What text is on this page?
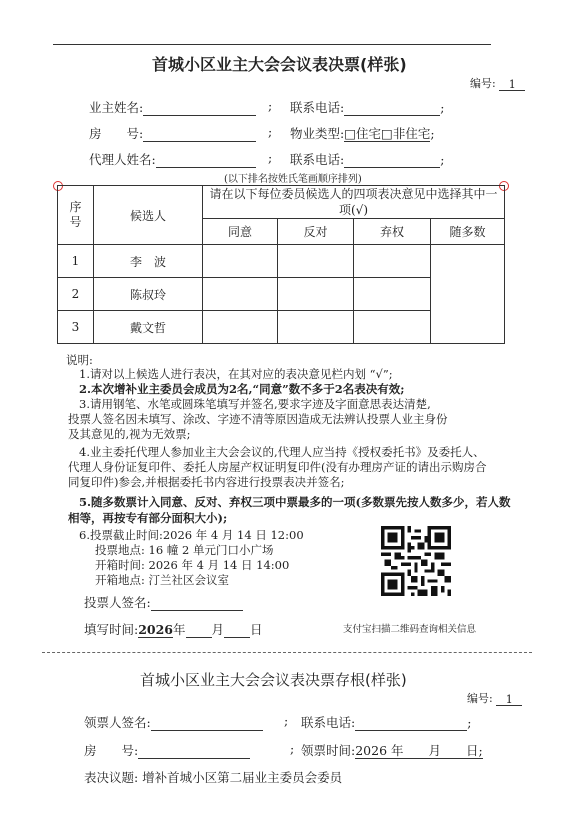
首城小区业主大会会议表决票(样张)
编号: 1
业主姓名:	; 联系电话:	;
房　　号:	; 物业类型:□住宅□非住宅;
代理人姓名:	; 联系电话:	;
(以下排名按姓氏笔画顺序排列)
序号	候选人	请在以下每位委员候选人的四项表决意见中选择其中一项(√)			
		同意	反对	弃权	随多数
1	李　波				
2	陈叔玲				
3	戴文哲				
说明:
1.请对以上候选人进行表决，在其对应的表决意见栏内划 “√”;
2.本次增补业主委员会成员为2名,“同意”数不多于2名表决有效;
3.请用钢笔、水笔或圆珠笔填写并签名,要求字迹及字面意思表达清楚,
投票人签名因未填写、涂改、字迹不清等原因造成无法辨认投票人业主身份
及其意见的,视为无效票;
4.业主委托代理人参加业主大会会议的,代理人应当持《授权委托书》及委托人、
代理人身份证复印件、委托人房屋产权证明复印件(没有办理房产证的请出示购房合
同复印件)参会,并根据委托书内容进行投票表决并签名;
5.随多数票计入同意、反对、弃权三项中票最多的一项(多数票先按人数多少，若人数
相等，再按专有部分面积大小);
6.投票截止时间:2026 年 4 月 14 日 12:00
投票地点: 16 幢 2 单元门口小广场
开箱时间: 2026 年 4 月 14 日 14:00
开箱地点: 汀兰社区会议室
支付宝扫描二维码查询相关信息
投票人签名:
填写时间:2026年 月 日
首城小区业主大会会议表决票存根(样张)
编号: 1
领票人签名:	; 联系电话:	;
房　　号:	; 领票时间:2026 年　　月　　日;
表决议题: 增补首城小区第二届业主委员会委员
